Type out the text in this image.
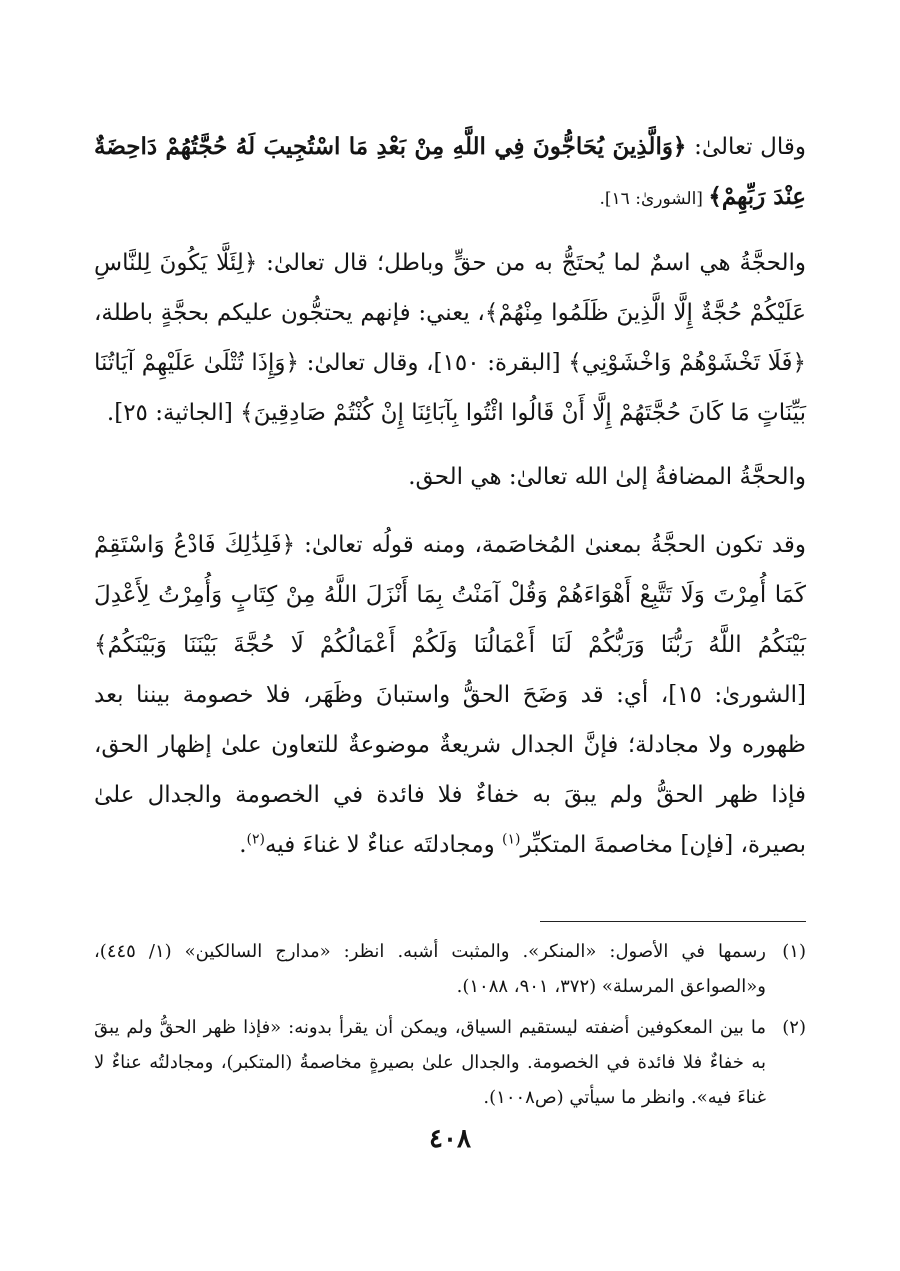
وقال تعالىٰ: ﴿وَالَّذِينَ يُحَاجُّونَ فِي اللَّهِ مِنْ بَعْدِ مَا اسْتُجِيبَ لَهُ حُجَّتُهُمْ دَاحِضَةٌ عِنْدَ رَبِّهِمْ﴾ [الشورىٰ: ١٦].

والحجَّةُ هي اسمٌ لما يُحتَجُّ به من حقٍّ وباطل؛ قال تعالىٰ: ﴿لِئَلَّا يَكُونَ لِلنَّاسِ عَلَيْكُمْ حُجَّةٌ إِلَّا الَّذِينَ ظَلَمُوا مِنْهُمْ﴾، يعني: فإنهم يحتجُّون عليكم بحجَّةٍ باطلة، ﴿فَلَا تَخْشَوْهُمْ وَاخْشَوْنِي﴾ [البقرة: ١٥٠]، وقال تعالىٰ: ﴿وَإِذَا تُتْلَىٰ عَلَيْهِمْ آيَاتُنَا بَيِّنَاتٍ مَا كَانَ حُجَّتَهُمْ إِلَّا أَنْ قَالُوا ائْتُوا بِآبَائِنَا إِنْ كُنْتُمْ صَادِقِينَ﴾ [الجاثية: ٢٥].

والحجَّةُ المضافةُ إلىٰ الله تعالىٰ: هي الحق.

وقد تكون الحجَّةُ بمعنىٰ المُخاصَمة، ومنه قولُه تعالىٰ: ﴿فَلِذَٰلِكَ فَادْعُ وَاسْتَقِمْ كَمَا أُمِرْتَ وَلَا تَتَّبِعْ أَهْوَاءَهُمْ وَقُلْ آمَنْتُ بِمَا أَنْزَلَ اللَّهُ مِنْ كِتَابٍ وَأُمِرْتُ لِأَعْدِلَ بَيْنَكُمُ اللَّهُ رَبُّنَا وَرَبُّكُمْ لَنَا أَعْمَالُنَا وَلَكُمْ أَعْمَالُكُمْ لَا حُجَّةَ بَيْنَنَا وَبَيْنَكُمُ﴾ [الشورىٰ: ١٥]، أي: قد وَضَحَ الحقُّ واستبانَ وظَهَر، فلا خصومة بيننا بعد ظهوره ولا مجادلة؛ فإنَّ الجدال شريعةٌ موضوعةٌ للتعاون علىٰ إظهار الحق، فإذا ظهر الحقُّ ولم يبقَ به خفاءٌ فلا فائدة في الخصومة والجدال علىٰ بصيرة، [فإن] مخاصمةَ المتكبِّر$^{(١)}$ ومجادلتَه عناءٌ لا غناءَ فيه$^{(٢)}$.

(١)
رسمها في الأصول: «المنكر». والمثبت أشبه. انظر: «مدارج السالكين» (١/ ٤٤٥)، و«الصواعق المرسلة» (٣٧٢، ٩٠١، ١٠٨٨).
(٢)
ما بين المعكوفين أضفته ليستقيم السياق، ويمكن أن يقرأ بدونه: «فإذا ظهر الحقُّ ولم يبقَ به خفاءٌ فلا فائدة في الخصومة. والجدال علىٰ بصيرةٍ مخاصمةُ (المتكبر)، ومجادلتُه عناءٌ لا غناءَ فيه». وانظر ما سيأتي (ص١٠٠٨).
٤٠٨
